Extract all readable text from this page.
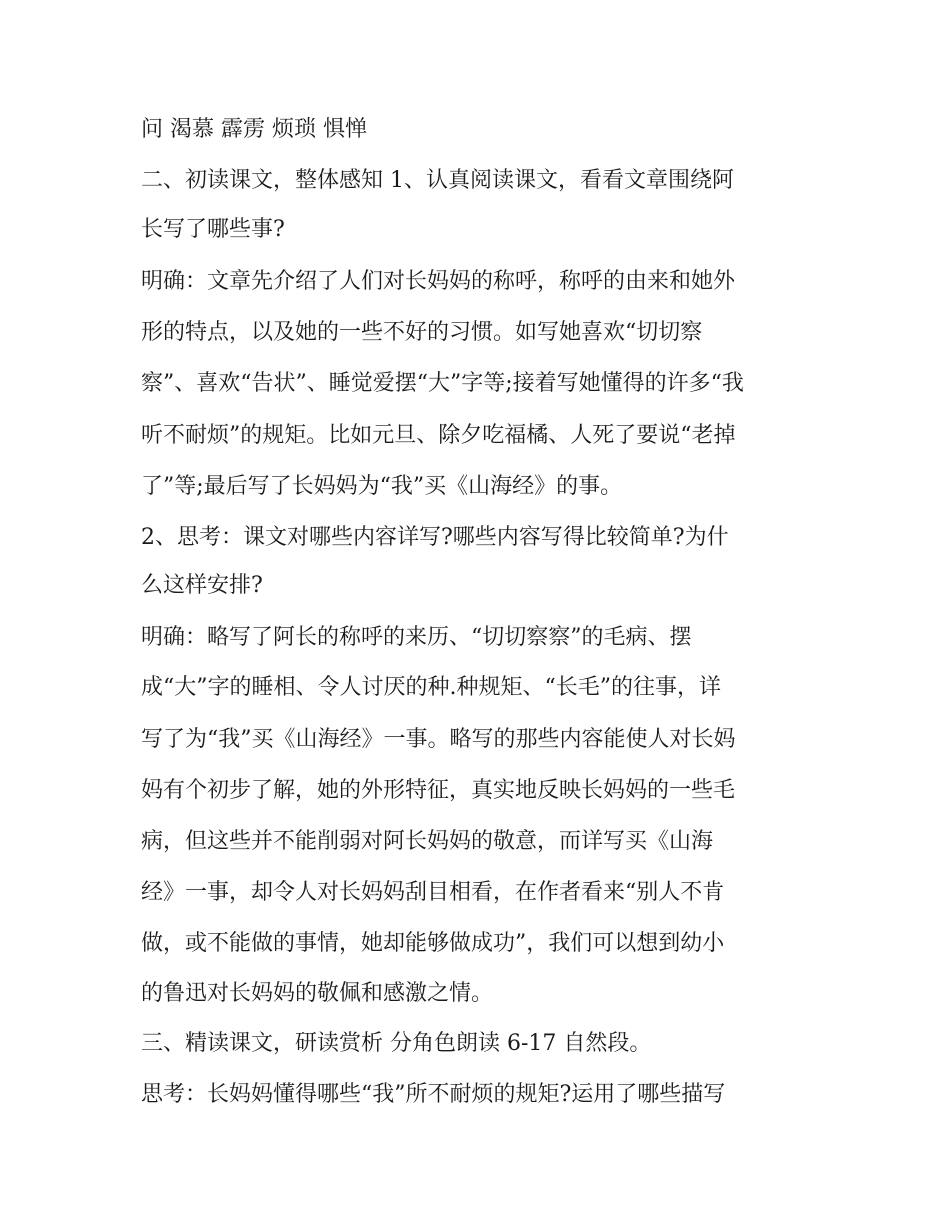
问 渴慕 霹雳 烦琐 惧惮
二、初读课文，整体感知 1、认真阅读课文，看看文章围绕阿
长写了哪些事?
明确：文章先介绍了人们对长妈妈的称呼，称呼的由来和她外
形的特点，以及她的一些不好的习惯。如写她喜欢“切切察
察”、喜欢“告状”、睡觉爱摆“大”字等;接着写她懂得的许多“我
听不耐烦”的规矩。比如元旦、除夕吃福橘、人死了要说“老掉
了”等;最后写了长妈妈为“我”买《山海经》的事。
2、思考：课文对哪些内容详写?哪些内容写得比较简单?为什
么这样安排?
明确：略写了阿长的称呼的来历、“切切察察”的毛病、摆
成“大”字的睡相、令人讨厌的种.种规矩、“长毛”的往事，详
写了为“我”买《山海经》一事。略写的那些内容能使人对长妈
妈有个初步了解，她的外形特征，真实地反映长妈妈的一些毛
病，但这些并不能削弱对阿长妈妈的敬意，而详写买《山海
经》一事，却令人对长妈妈刮目相看，在作者看来“别人不肯
做，或不能做的事情，她却能够做成功”，我们可以想到幼小
的鲁迅对长妈妈的敬佩和感激之情。
三、精读课文，研读赏析 分角色朗读 6-17 自然段。
思考：长妈妈懂得哪些“我”所不耐烦的规矩?运用了哪些描写
